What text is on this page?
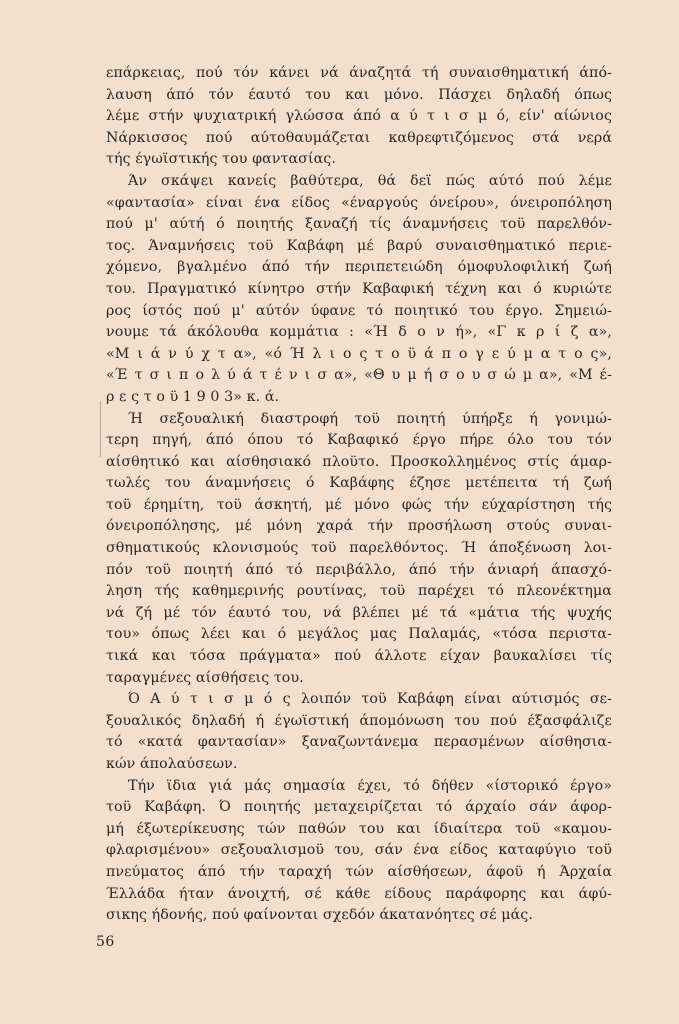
επάρκειας, πού τόν κάνει νά άναζητά τή συναισθηματική άπό-
λαυση άπό τόν έαυτό του και μόνο. Πάσχει δηλαδή όπως
λέμε στήν ψυχιατρική γλώσσα άπό α ύ τ ι σ μ ό, είν' αίώνιος
Νάρκισσος πού αύτοθαυμάζεται καθρεφτιζόμενος στά νερά
τής έγωϊστικής του φαντασίας.
Άν σκάψει κανείς βαθύτερα, θά δεϊ πώς αύτό πού λέμε
«φαντασία» είναι ένα είδος «έναργούς όνείρου», όνειροπόληση
πού μ' αύτή ό ποιητής ξαναζή τίς άναμνήσεις τοϋ παρελθόν-
τος. Άναμνήσεις τοϋ Καβάφη μέ βαρύ συναισθηματικό περιε-
χόμενο, βγαλμένο άπό τήν περιπετειώδη όμοφυλοφιλική ζωή
του. Πραγματικό κίνητρο στήν Καβαφική τέχνη και ό κυριώτε
ρος ίστός πού μ' αύτόν ύφανε τό ποιητικό του έργο. Σημειώ-
νουμε τά άκόλουθα κομμάτια : «Ή δ ο ν ή», «Γ κ ρ ί ζ α»,
«Μ ι ά ν ύ χ τ α», «ό Ή λ ι ο ς τ ο ϋ ά π ο γ ε ύ μ α τ ο ς»,
«Έ τ σ ι π ο λ ύ ά τ έ ν ι σ α», «Θ υ μ ή σ ο υ σ ώ μ α», «Μ έ-
ρ ε ς τ ο ϋ 1 9 0 3» κ. ά.
Ή σεξουαλική διαστροφή τοϋ ποιητή ύπήρξε ή γονιμώ-
τερη πηγή, άπό όπου τό Καβαφικό έργο πήρε όλο του τόν
αίσθητικό και αίσθησιακό πλοϋτο. Προσκολλημένος στίς άμαρ-
τωλές του άναμνήσεις ό Καβάφης έζησε μετέπειτα τή ζωή
τοϋ έρημίτη, τοϋ άσκητή, μέ μόνο φώς τήν εύχαρίστηση τής
όνειροπόλησης, μέ μόνη χαρά τήν προσήλωση στούς συναι-
σθηματικούς κλονισμούς τοϋ παρελθόντος. Ή άποξένωση λοι-
πόν τοϋ ποιητή άπό τό περιβάλλο, άπό τήν άνιαρή άπασχό-
ληση τής καθημερινής ρουτίνας, τοϋ παρέχει τό πλεονέκτημα
νά ζή μέ τόν έαυτό του, νά βλέπει μέ τά «μάτια τής ψυχής
του» όπως λέει και ό μεγάλος μας Παλαμάς, «τόσα περιστα-
τικά και τόσα πράγματα» πού άλλοτε είχαν βαυκαλίσει τίς
ταραγμένες αίσθήσεις του.
Ό Α ύ τ ι σ μ ό ς λοιπόν τοϋ Καβάφη είναι αύτισμός σε-
ξουαλικός δηλαδή ή έγωϊστική άπομόνωση του πού έξασφάλιζε
τό «κατά φαντασίαν» ξαναζωντάνεμα περασμένων αίσθησια-
κών άπολαύσεων.
Τήν ϊδια γιά μάς σημασία έχει, τό δήθεν «ίστορικό έργο»
τοϋ Καβάφη. Ό ποιητής μεταχειρίζεται τό άρχαίο σάν άφορ-
μή έξωτερίκευσης τών παθών του και ίδιαίτερα τοϋ «καμου-
φλαρισμένου» σεξουαλισμοϋ του, σάν ένα είδος καταφύγιο τοϋ
πνεύματος άπό τήν ταραχή τών αίσθήσεων, άφοϋ ή Άρχαία
Έλλάδα ήταν άνοιχτή, σέ κάθε είδους παράφορης και άφύ-
σικης ήδονής, πού φαίνονται σχεδόν άκατανόητες σέ μάς.
56
